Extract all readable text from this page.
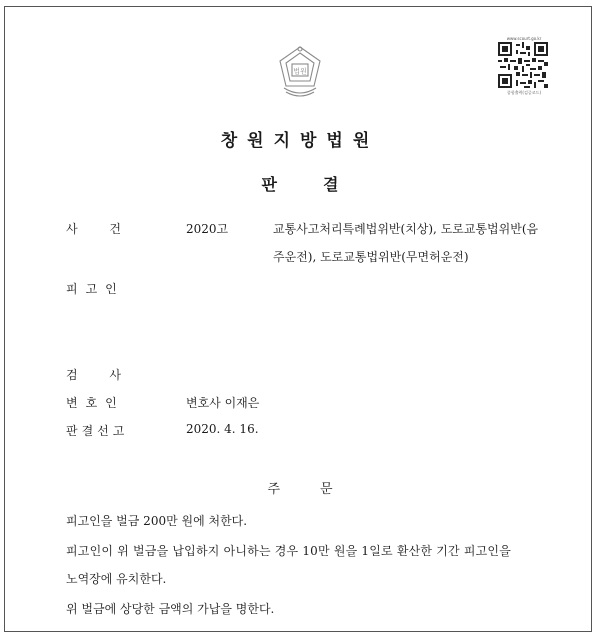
법원
www.scourt.go.kr
종합출력(검증코드)
창원지방법원
판	결
사 건	2020고	교통사고처리특례법위반(치상), 도로교통법위반(음
주운전), 도로교통법위반(무면허운전)
피고인
검 사
변호인	변호사 이재은
판결선고	2020. 4. 16.
주	문
피고인을 벌금 200만 원에 처한다.
피고인이 위 벌금을 납입하지 아니하는 경우 10만 원을 1일로 환산한 기간 피고인을
노역장에 유치한다.
위 벌금에 상당한 금액의 가납을 명한다.
